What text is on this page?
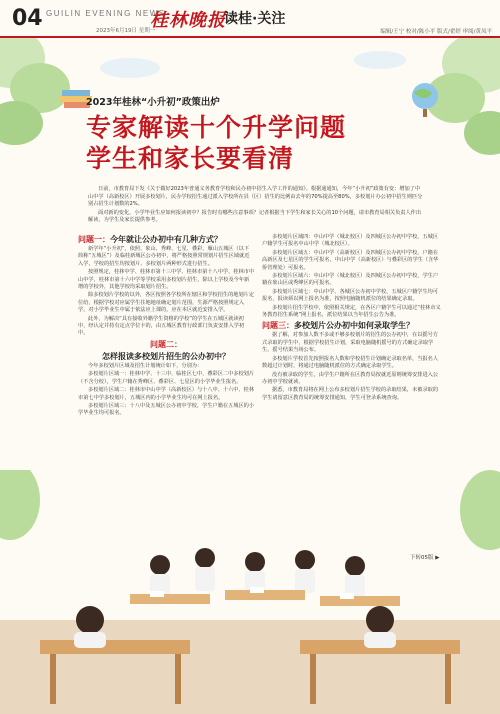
04 GUILIN EVENING NEWS
2023年6月19日 星期一
桂林晚报
读桂·关注
编辑/王宁 校对/陈小平 版式/翟婷 审阅/黄凤平
2023年桂林“小升初”政策出炉
专家解读十个升学问题
学生和家长要看清

日前，市教育局下发《关于做好2023年普通义务教育学校和民办初中招生入学工作的通知》。根据通通知，今年“小升初”政策有变：增加了中山中学（高新校区）开展多校划片，民办学校招生通过派入学校所在县（区）招生的比例由去年的70%提高至80%，多校划片办公初中招生则匹分别占招生计划数的2%。

面对新的变化，小学毕业生应如何报读初中？报告时有哪些注意事项？记者根据当下学生和家长关心的10个问题，请市教育局相关负责人作出解读，为学生及家长提供参考。

问题一：今年就让公办初中有几种方式？

新学年“小升初”，依照、象山、秀峰、七星、叠彩、雁山五城区（以下简称“五城区”）及临桂新城区公办初中，将严格按照常规划片招生区域就近入学，学校的招生均按划片、多校划片两种形式进行招生。

按照规定，桂林中学、桂林市第十三中学、桂林市第十八中学、桂林市中山中学，桂林市第十六中学等学校采用多校划片招生，除以上学校及今年新增的学校外，其他学校均采取划片招生。

除多校划片学校的以外，各区按照各学校所在辖区和学校招生的地划片定位给，根据学校对应属学生住地地址确定划片范围，生源严格按照规定入学。对小学毕业生中属于依法应上课的，应在本区就近安排入学。

此外，为解决“具有接收外籍学生资格的学校”的学生在五城区就读初中，经认定并持有定点学位卡的，由五城区教育行政部门负责安排入学初中。

问题二：

怎样报读多校划片招生的公办初中？

今年多校划片区域及招生计划统计如下，分别为：

多校划片区域一：桂林中学、十三中、临桂区七中、叠彩区二中多校划片（不含分校），学生户籍在秀峰区、叠彩区、七星区的小学毕业生报名。

多校划片区域二：桂林市中山中学（高新校区）与十八中、十六中、桂林市第七中学多校划片，五城区内的小学毕业生均可在网上报名。

多校划片区域三：十八中及五城区公办初中学校，学生户籍在五城区的小学毕业生均可报名。

多校划片区域四：中山中学（城北校区）及四城区公办初中学校，五城区户籍学生可报名中山中学（城北校区）。

多校划片区域五：中山中学（高新校区）及四城区公办初中学校，户籍在高新区及七星区的学生可报名，中山中学（高新校区）与叠彩区的学生（含华侨管理处）可报名。

多校划片区域六：中山中学（城北校区）及四城区公办初中学校，学生户籍在象山区或秀峰区的可报名。

多校划片区域七：中山中学、各城区公办初中学校，五城区户籍学生均可报名，报读须以网上报名为准，按照电脑随机派位的结果确定录取。

多校划片招生学校中，依照相关规定，在各区户籍学生可以通过“桂林市义务教育招生系统”网上报名，派位结果以当年招生公告为准。

问题三：多校划片公办初中如何录取学生？

据了解，对参加人数不多或不够多校划片的招生的公办初中，在以摇号方式录取的学生中，根据学校招生计划，采取电脑随机摇号的方式确定录取学生。摇号结果当场公布。

多校划片学校首先按照报名人数和学校招生计划确定录取名单，当报名人数超过计划时，将通过电脑随机派位的方式确定录取学生。

没有被录取的学生，由学生户籍所在区教育局按就近原则统筹安排进入公办初中学校就读。

据悉，市教育局将在网上公布多校划片招生学校的录取结果，未被录取的学生请留意区教育局的统筹安排通知，学生可登录系统查询。

下转05版 ▶
